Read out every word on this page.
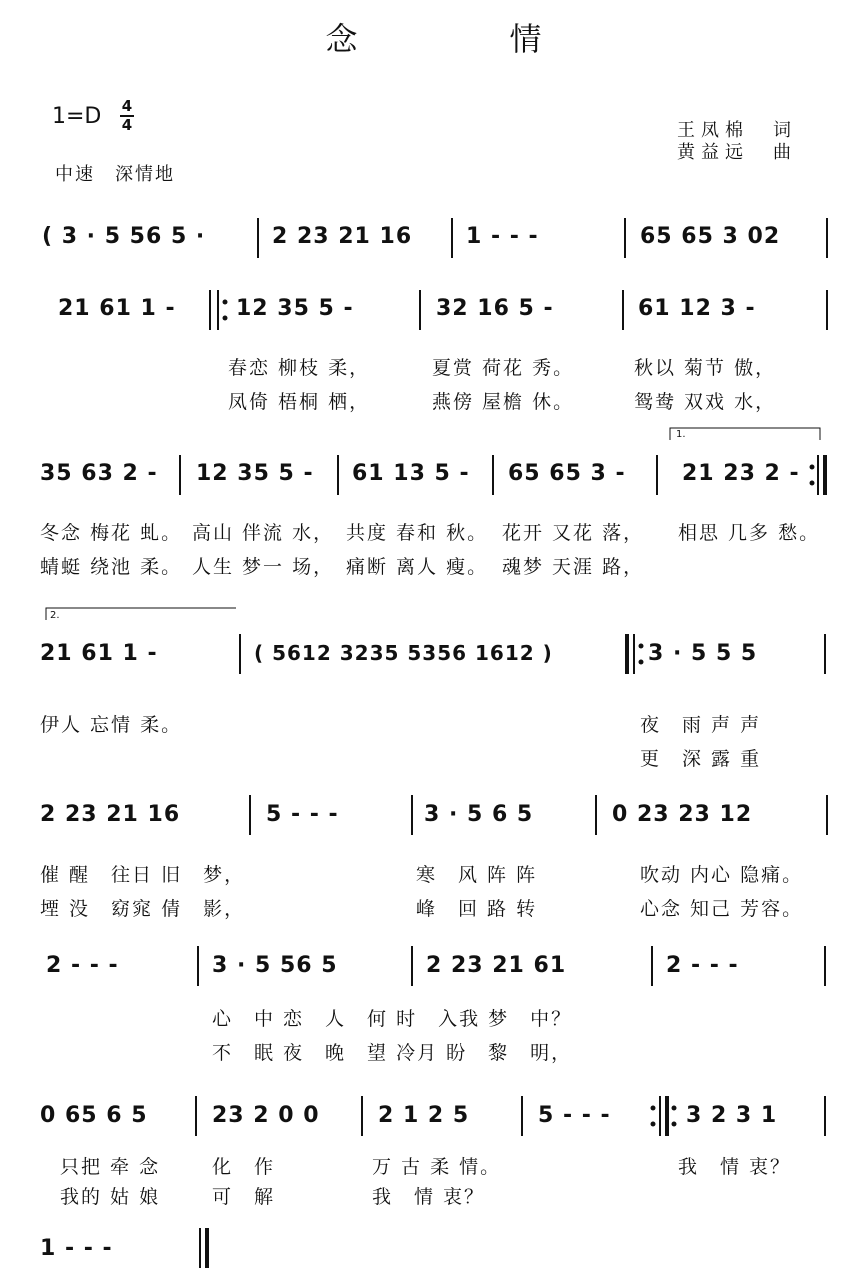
念　情
1=D 4
4
中速　深情地
王凤棉　词
黄益远　曲
1.
2.
( 3 · 5 56 5 ·	2 23 21 16 1 - - -	65 65 3 02
21 61 1 -	12 35 5 -	32 16 5 -	61 12 3 -
春恋 柳枝 柔，	夏赏 荷花 秀。	秋以 菊节 傲，
凤倚 梧桐 栖，	燕傍 屋檐 休。	鸳鸯 双戏 水，
35 63 2 - 12 35 5 - 61 13 5 - 65 65 3 -	21 23 2 -
冬念 梅花 虬。 高山 伴流 水， 共度 春和 秋。 花开 又花 落， 相思 几多 愁。
蜻蜓 绕池 柔。 人生 梦一 场， 痛断 离人 瘦。 魂梦 天涯 路，
21 61 1 -	( 5612 3235 5356 1612 )	3 · 5 5 5
伊人 忘情 柔。	夜　雨 声 声
更　深 露 重
2 23 21 16	5 - - -	3 · 5 6 5	0 23 23 12
催 醒　往日 旧　梦，	寒　风 阵 阵	吹动 内心 隐痛。
堙 没　窈窕 倩　影，	峰　回 路 转	心念 知己 芳容。
2 - - -	3 · 5 56 5	2 23 21 61	2 - - -
心　中 恋　人　何 时　入我 梦　中？
不　眠 夜　晚　望 冷月 盼　黎　明，
0 65 6 5	23 2 0 0	2 1 2 5	5 - - -	3 2 3 1
只把 牵 念	化　作	万 古 柔 情。	我　情 衷？
我的 姑 娘	可　解	我　情 衷？
1 - - -
